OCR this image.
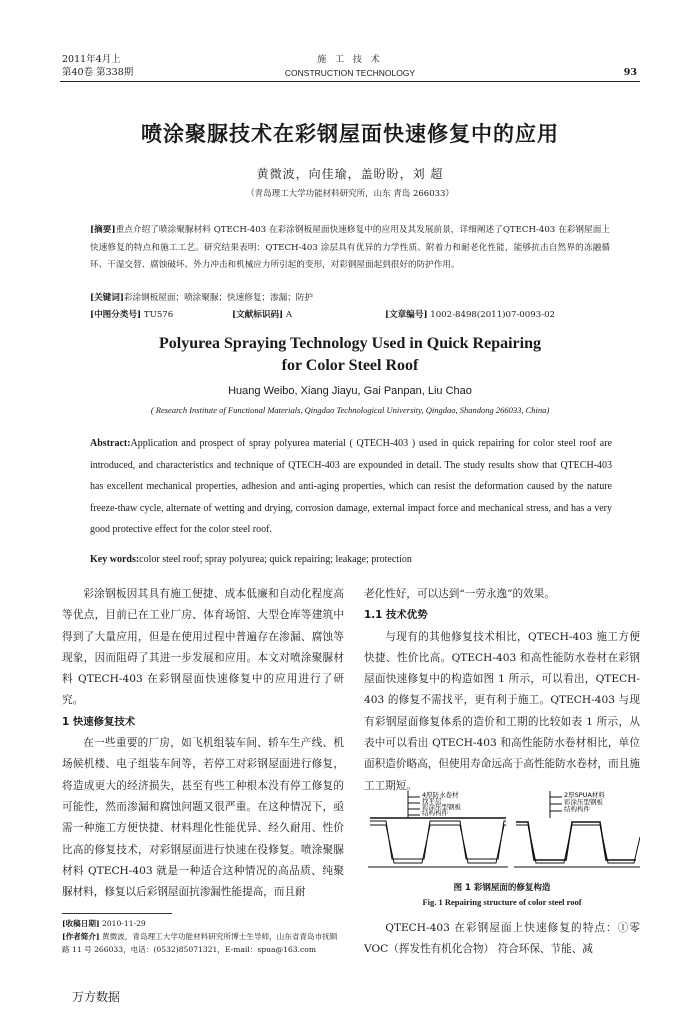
2011年4月上
第40卷 第338期
施 工 技 术
CONSTRUCTION TECHNOLOGY	93
喷涂聚脲技术在彩钢屋面快速修复中的应用
黄微波，向佳瑜，盖盼盼，刘 超
（青岛理工大学功能材料研究所，山东 青岛 266033）
[摘要]重点介绍了喷涂聚脲材料 QTECH-403 在彩涂钢板屋面快速修复中的应用及其发展前景，详细阐述了QTECH-403 在彩钢屋面上快速修复的特点和施工工艺。研究结果表明：QTECH-403 涂层具有优异的力学性质、附着力和耐老化性能，能够抗击自然界的冻融循环、干湿交替、腐蚀破坏、外力冲击和机械应力所引起的变形，对彩钢屋面起到很好的防护作用。
[关键词]彩涂钢板屋面；喷涂聚脲；快速修复；渗漏；防护
[中图分类号] TU576	[文献标识码] A	[文章编号] 1002-8498(2011)07-0093-02
Polyurea Spraying Technology Used in Quick Repairing
for Color Steel Roof
Huang Weibo, Xiang Jiayu, Gai Panpan, Liu Chao
( Research Institute of Functional Materials, Qingdao Technological University, Qingdao, Shandong 266033, China)
Abstract:Application and prospect of spray polyurea material ( QTECH-403 ) used in quick repairing for color steel roof are introduced, and characteristics and technique of QTECH-403 are expounded in detail. The study results show that QTECH-403 has excellent mechanical properties, adhesion and anti-aging properties, which can resist the deformation caused by the nature freeze-thaw cycle, alternate of wetting and drying, corrosion damage, external impact force and mechanical stress, and has a very good protective effect for the color steel roof.
Key words:color steel roof; spray polyurea; quick repairing; leakage; protection

彩涂钢板因其具有施工便捷、成本低廉和自动化程度高等优点，目前已在工业厂房、体育场馆、大型仓库等建筑中得到了大量应用，但是在使用过程中普遍存在渗漏、腐蚀等现象，因而阻碍了其进一步发展和应用。本文对喷涂聚脲材料 QTECH-403 在彩钢屋面快速修复中的应用进行了研究。

1 快速修复技术

在一些重要的厂房，如飞机组装车间、轿车生产线、机场候机楼、电子组装车间等，若停工对彩钢屋面进行修复，将造成更大的经济损失，甚至有些工种根本没有停工修复的可能性，然而渗漏和腐蚀问题又很严重。在这种情况下，亟需一种施工方便快捷、材料理化性能优异、经久耐用、性价比高的修复技术，对彩钢屋面进行快速在役修复。喷涂聚脲材料 QTECH-403 就是一种适合这种情况的高品质、纯聚脲材料，修复以后彩钢屋面抗渗漏性能提高，而且耐

[收稿日期] 2010-11-29
[作者简介] 黄微波，青岛理工大学功能材料研究所博士生导师，山东省青岛市抚顺路 11 号 266033，电话：(0532)85071321，E-mail：spua@163.com
老化性好，可以达到“一劳永逸”的效果。
1.1 技术优势

与现有的其他修复技术相比，QTECH-403 施工方便快捷、性价比高。QTECH-403 和高性能防水卷材在彩钢屋面快速修复中的构造如图 1 所示，可以看出，QTECH-403 的修复不需找平，更有利于施工。QTECH-403 与现有彩钢屋面修复体系的造价和工期的比较如表 1 所示，从表中可以看出 QTECH-403 和高性能防水卷材相比，单位面积造价略高，但使用寿命远高于高性能防水卷材，而且施工工期短。

4厚防水卷材
找平层
彩涂压型钢板
结构构件
2厚SPUA材料
彩涂压型钢板
结构构件
图 1 彩钢屋面的修复构造
Fig. 1 Repairing structure of color steel roof

QTECH-403 在彩钢屋面上快速修复的特点：①零 VOC（挥发性有机化合物） 符合环保、节能、减

万方数据
